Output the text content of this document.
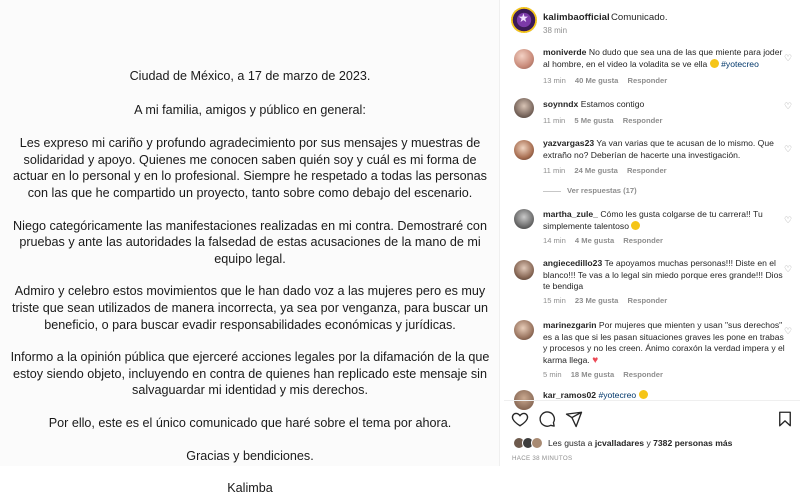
Ciudad de México, a 17 de marzo de 2023.

A mi familia, amigos y público en general:

Les expreso mi cariño y profundo agradecimiento por sus mensajes y muestras de solidaridad y apoyo. Quienes me conocen saben quién soy y cuál es mi forma de actuar en lo personal y en lo profesional. Siempre he respetado a todas las personas con las que he compartido un proyecto, tanto sobre como debajo del escenario.

Niego categóricamente las manifestaciones realizadas en mi contra. Demostraré con pruebas y ante las autoridades la falsedad de estas acusaciones de la mano de mi equipo legal.

Admiro y celebro estos movimientos que le han dado voz a las mujeres pero es muy triste que sean utilizados de manera incorrecta, ya sea por venganza, para buscar un beneficio, o para buscar evadir responsabilidades económicas y jurídicas.

Informo a la opinión pública que ejerceré acciones legales por la difamación de la que estoy siendo objeto, incluyendo en contra de quienes han replicado este mensaje sin salvaguardar mi identidad y mis derechos.

Por ello, este es el único comunicado que haré sobre el tema por ahora.

Gracias y bendiciones.

Kalimba

★
kalimbaofficial Comunicado.
38 min
moniverde No dudo que sea una de las que miente para joder al hombre, en el video la voladita se ve ella #yotecreo
13 min 40 Me gusta Responder
♡
soynndx Estamos contigo
11 min 5 Me gusta Responder
♡
yazvargas23 Ya van varias que te acusan de lo mismo. Que extraño no? Deberían de hacerte una investigación.
11 min 24 Me gusta Responder
♡
Ver respuestas (17)
martha_zule_ Cómo les gusta colgarse de tu carrera!! Tu simplemente talentoso
14 min 4 Me gusta Responder
♡
angiecedillo23 Te apoyamos muchas personas!!! Diste en el blanco!!! Te vas a lo legal sin miedo porque eres grande!!! Dios te bendiga
15 min 23 Me gusta Responder
♡
marinezgarin Por mujeres que mienten y usan "sus derechos" es a las que si les pasan situaciones graves les pone en trabas y procesos y no les creen. Ánimo coraxón la verdad impera y el karma llega. ♥
5 min 18 Me gusta Responder
♡
kar_ramos02 #yotecreo
Les gusta a jcvalladares y 7382 personas más
HACE 38 MINUTOS
